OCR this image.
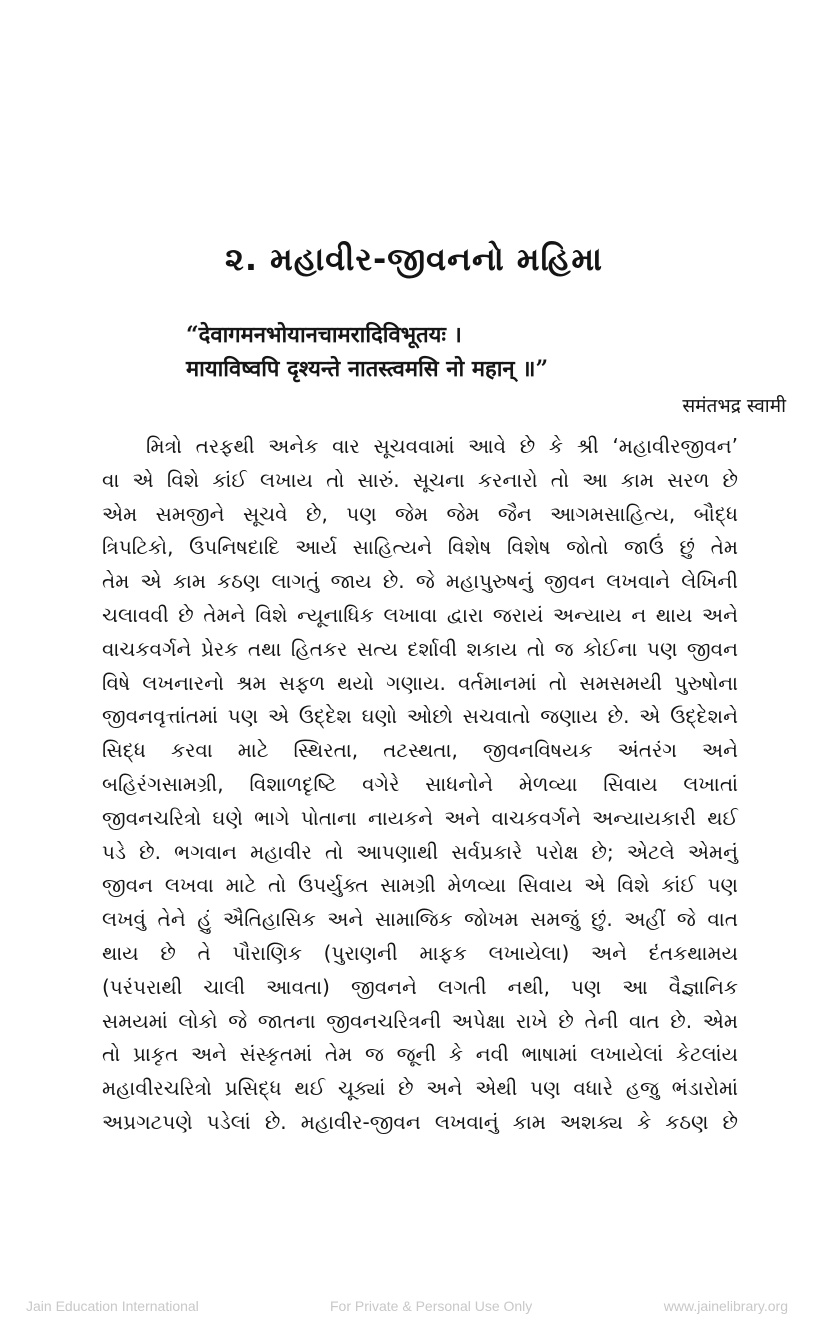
૨. મહાવીર-જીવનનો મહિમા
“देवागमनभोयानचामरादिविभूतयः ।
मायाविष्वपि दृश्यन्ते नातस्त्वमसि नो महान् ॥”
समंतभद्र स्वामी
મિત્રો તરફથી અનેક વાર સૂચવવામાં આવે છે કે શ્રી ‘મહાવીરજીવન’
વા એ વિશે કાંઈ લખાય તો સારું. સૂચના કરનારો તો આ કામ સરળ છે
એમ સમજીને સૂચવે છે, પણ જેમ જેમ જૈન આગમસાહિત્ય, બૌદ્ધ
ત્રિપટિકો, ઉપનિષદાદિ આર્ય સાહિત્યને વિશેષ વિશેષ જોતો જાઉં છું તેમ
તેમ એ કામ કઠણ લાગતું જાય છે. જે મહાપુરુષનું જીવન લખવાને લેખિની
ચલાવવી છે તેમને વિશે ન્યૂનાધિક લખાવા દ્વારા જરાયં અન્યાય ન થાય અને
વાચકવર્ગને પ્રેરક તથા હિતકર સત્ય દર્શાવી શકાય તો જ કોઈના પણ જીવન
વિષે લખનારનો શ્રમ સફળ થયો ગણાય. વર્તમાનમાં તો સમસમયી પુરુષોના
જીવનવૃત્તાંતમાં પણ એ ઉદ્દેશ ઘણો ઓછો સચવાતો જણાય છે. એ ઉદ્દેશને
સિદ્ધ કરવા માટે સ્થિરતા, તટસ્થતા, જીવનવિષયક અંતરંગ અને
બહિરંગસામગ્રી, વિશાળદૃષ્ટિ વગેરે સાધનોને મેળવ્યા સિવાય લખાતાં
જીવનચરિત્રો ઘણે ભાગે પોતાના નાયકને અને વાચકવર્ગને અન્યાયકારી થઈ
પડે છે. ભગવાન મહાવીર તો આપણાથી સર્વપ્રકારે પરોક્ષ છે; એટલે એમનું
જીવન લખવા માટે તો ઉપર્યુક્ત સામગ્રી મેળવ્યા સિવાય એ વિશે કાંઈ પણ
લખવું તેને હું ઐતિહાસિક અને સામાજિક જોખમ સમજું છું. અહીં જે વાત
થાય છે તે પૌરાણિક (પુરાણની માફક લખાયેલા) અને દંતકથામય
(પરંપરાથી ચાલી આવતા) જીવનને લગતી નથી, પણ આ વૈજ્ઞાનિક
સમયમાં લોકો જે જાતના જીવનચરિત્રની અપેક્ષા રાખે છે તેની વાત છે. એમ
તો પ્રાકૃત અને સંસ્કૃતમાં તેમ જ જૂની કે નવી ભાષામાં લખાયેલાં કેટલાંય
મહાવીરચરિત્રો પ્રસિદ્ધ થઈ ચૂક્યાં છે અને એથી પણ વધારે હજુ ભંડારોમાં
અપ્રગટપણે પડેલાં છે. મહાવીર-જીવન લખવાનું કામ અશક્ય કે કઠણ છે
Jain Education International	For Private & Personal Use Only	www.jainelibrary.org
